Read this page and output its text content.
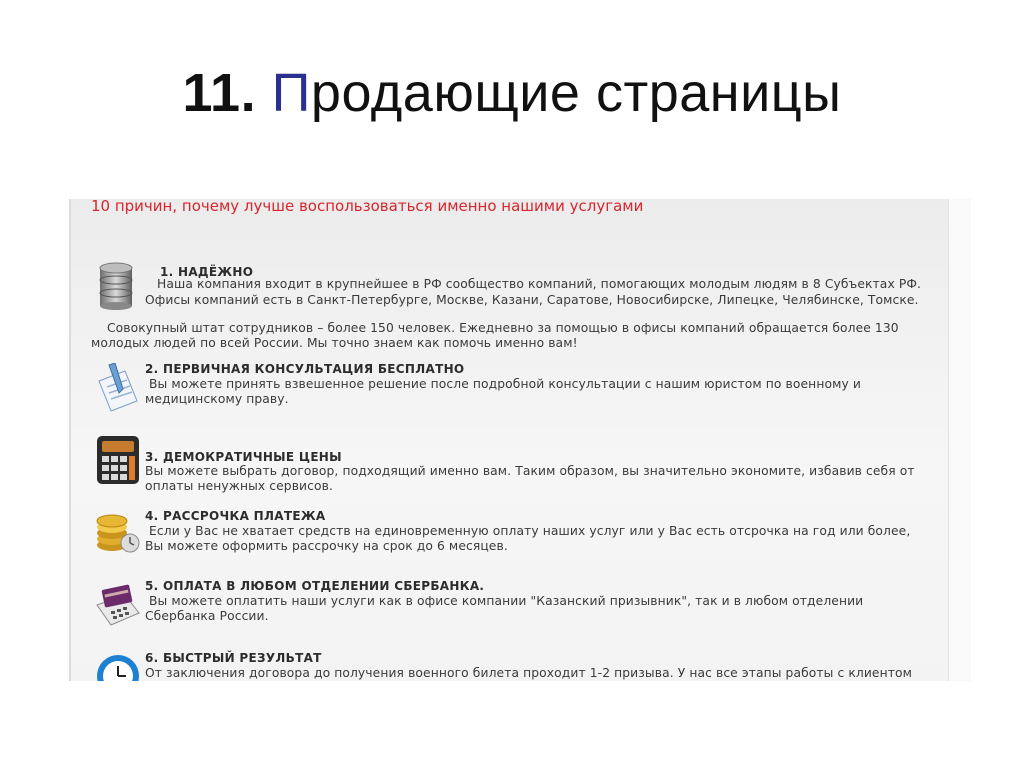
11. Продающие страницы
10 причин, почему лучше воспользоваться именно нашими услугами
1. НАДЁЖНО
Наша компания входит в крупнейшее в РФ сообщество компаний, помогающих молодым людям в 8 Субъектах РФ.
Офисы компаний есть в Санкт-Петербурге, Москве, Казани, Саратове, Новосибирске, Липецке, Челябинске, Томске.
Совокупный штат сотрудников – более 150 человек. Ежедневно за помощью в офисы компаний обращается более 130
молодых людей по всей России. Мы точно знаем как помочь именно вам!
2. ПЕРВИЧНАЯ КОНСУЛЬТАЦИЯ БЕСПЛАТНО
Вы можете принять взвешенное решение после подробной консультации с нашим юристом по военному и
медицинскому праву.
3. ДЕМОКРАТИЧНЫЕ ЦЕНЫ
Вы можете выбрать договор, подходящий именно вам. Таким образом, вы значительно экономите, избавив себя от
оплаты ненужных сервисов.
4. РАССРОЧКА ПЛАТЕЖА
Если у Вас не хватает средств на единовременную оплату наших услуг или у Вас есть отсрочка на год или более,
Вы можете оформить рассрочку на срок до 6 месяцев.
5. ОПЛАТА В ЛЮБОМ ОТДЕЛЕНИИ СБЕРБАНКА.
Вы можете оплатить наши услуги как в офисе компании "Казанский призывник", так и в любом отделении
Сбербанка России.
6. БЫСТРЫЙ РЕЗУЛЬТАТ
От заключения договора до получения военного билета проходит 1-2 призыва. У нас все этапы работы с клиентом
